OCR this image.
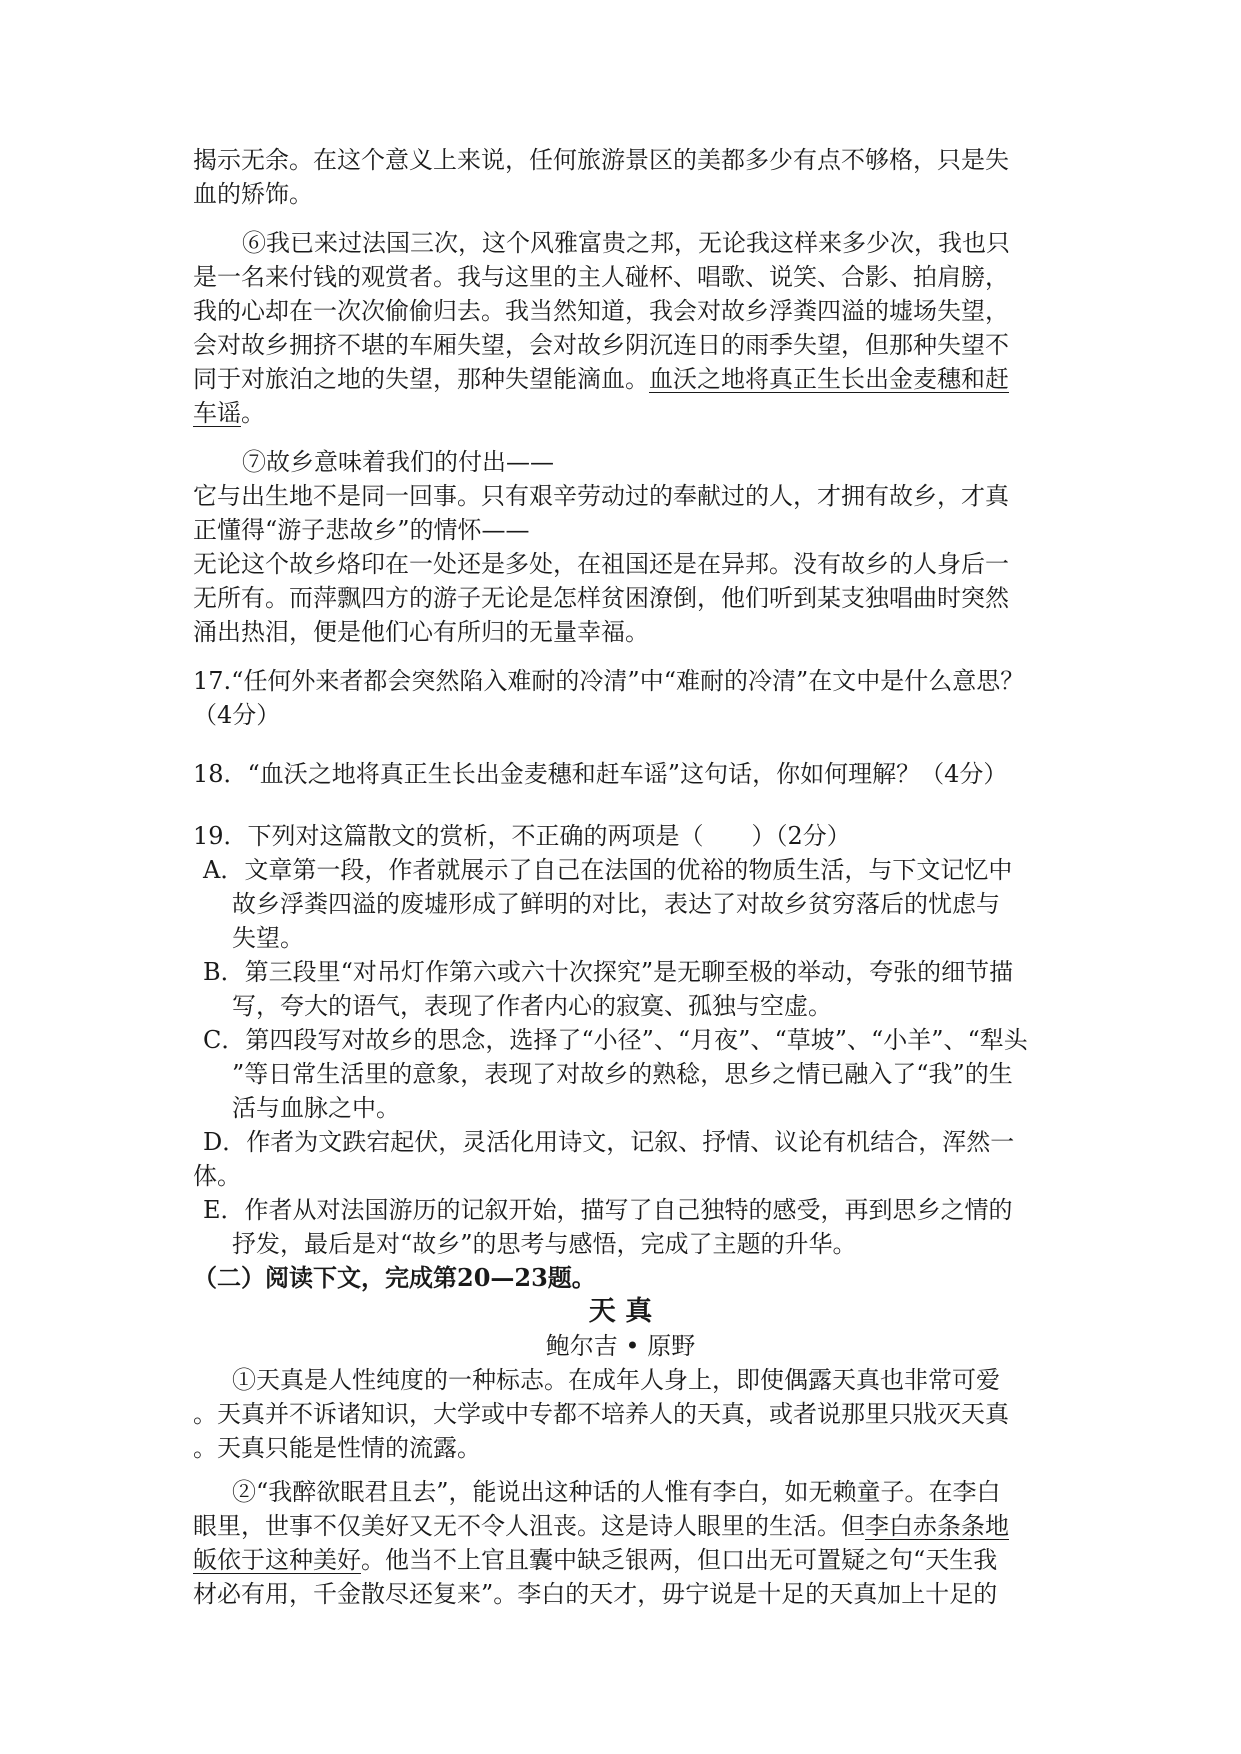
揭示无余。在这个意义上来说，任何旅游景区的美都多少有点不够格，只是失
血的矫饰。
⑥我已来过法国三次，这个风雅富贵之邦，无论我这样来多少次，我也只
是一名来付钱的观赏者。我与这里的主人碰杯、唱歌、说笑、合影、拍肩膀，
我的心却在一次次偷偷归去。我当然知道，我会对故乡浮粪四溢的墟场失望，
会对故乡拥挤不堪的车厢失望，会对故乡阴沉连日的雨季失望，但那种失望不
同于对旅泊之地的失望，那种失望能滴血。血沃之地将真正生长出金麦穗和赶
车谣。
⑦故乡意味着我们的付出——
它与出生地不是同一回事。只有艰辛劳动过的奉献过的人，才拥有故乡，才真
正懂得“游子悲故乡”的情怀——
无论这个故乡烙印在一处还是多处，在祖国还是在异邦。没有故乡的人身后一
无所有。而萍飘四方的游子无论是怎样贫困潦倒，他们听到某支独唱曲时突然
涌出热泪，便是他们心有所归的无量幸福。
17.“任何外来者都会突然陷入难耐的冷清”中“难耐的冷清”在文中是什么意思？
（4分）
18．“血沃之地将真正生长出金麦穗和赶车谣”这句话，你如何理解？（4分）
19．下列对这篇散文的赏析，不正确的两项是（　　）（2分）
A．文章第一段，作者就展示了自己在法国的优裕的物质生活，与下文记忆中
故乡浮粪四溢的废墟形成了鲜明的对比，表达了对故乡贫穷落后的忧虑与
失望。
B．第三段里“对吊灯作第六或六十次探究”是无聊至极的举动，夸张的细节描
写，夸大的语气，表现了作者内心的寂寞、孤独与空虚。
C．第四段写对故乡的思念，选择了“小径”、“月夜”、“草坡”、“小羊”、“犁头
”等日常生活里的意象，表现了对故乡的熟稔，思乡之情已融入了“我”的生
活与血脉之中。
D．作者为文跌宕起伏，灵活化用诗文，记叙、抒情、议论有机结合，浑然一
体。
E．作者从对法国游历的记叙开始，描写了自己独特的感受，再到思乡之情的
抒发，最后是对“故乡”的思考与感悟，完成了主题的升华。
（二）阅读下文，完成第20—23题。
天 真
鲍尔吉 • 原野
①天真是人性纯度的一种标志。在成年人身上，即使偶露天真也非常可爱
。天真并不诉诸知识，大学或中专都不培养人的天真，或者说那里只戕灭天真
。天真只能是性情的流露。
②“我醉欲眠君且去”，能说出这种话的人惟有李白，如无赖童子。在李白
眼里，世事不仅美好又无不令人沮丧。这是诗人眼里的生活。但李白赤条条地
皈依于这种美好。他当不上官且囊中缺乏银两，但口出无可置疑之句“天生我
材必有用，千金散尽还复来”。李白的天才，毋宁说是十足的天真加上十足的
